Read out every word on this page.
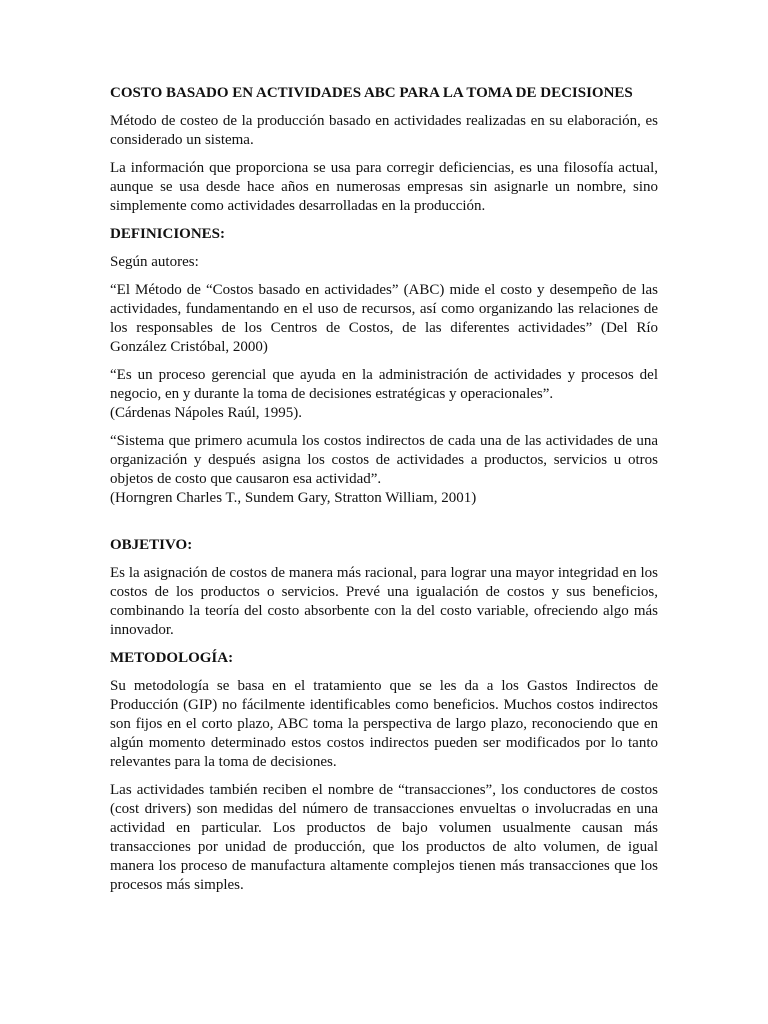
COSTO BASADO EN ACTIVIDADES ABC PARA LA TOMA DE DECISIONES

Método de costeo de la producción basado en actividades realizadas en su elaboración, es considerado un sistema.

La información que proporciona se usa para corregir deficiencias, es una filosofía actual, aunque se usa desde hace años en numerosas empresas sin asignarle un nombre, sino simplemente como actividades desarrolladas en la producción.

DEFINICIONES:

Según autores:

“El Método de “Costos basado en actividades” (ABC) mide el costo y desempeño de las actividades, fundamentando en el uso de recursos, así como organizando las relaciones de los responsables de los Centros de Costos, de las diferentes actividades” (Del Río González Cristóbal, 2000)

“Es un proceso gerencial que ayuda en la administración de actividades y procesos del negocio, en y durante la toma de decisiones estratégicas y operacionales”.
(Cárdenas Nápoles Raúl, 1995).

“Sistema que primero acumula los costos indirectos de cada una de las actividades de una organización y después asigna los costos de actividades a productos, servicios u otros objetos de costo que causaron esa actividad”.
(Horngren Charles T., Sundem Gary, Stratton William, 2001)

OBJETIVO:

Es la asignación de costos de manera más racional, para lograr una mayor integridad en los costos de los productos o servicios. Prevé una igualación de costos y sus beneficios, combinando la teoría del costo absorbente con la del costo variable, ofreciendo algo más innovador.

METODOLOGÍA:

Su metodología se basa en el tratamiento que se les da a los Gastos Indirectos de Producción (GIP) no fácilmente identificables como beneficios. Muchos costos indirectos son fijos en el corto plazo, ABC toma la perspectiva de largo plazo, reconociendo que en algún momento determinado estos costos indirectos pueden ser modificados por lo tanto relevantes para la toma de decisiones.

Las actividades también reciben el nombre de “transacciones”, los conductores de costos (cost drivers) son medidas del número de transacciones envueltas o involucradas en una actividad en particular. Los productos de bajo volumen usualmente causan más transacciones por unidad de producción, que los productos de alto volumen, de igual manera los proceso de manufactura altamente complejos tienen más transacciones que los procesos más simples.
